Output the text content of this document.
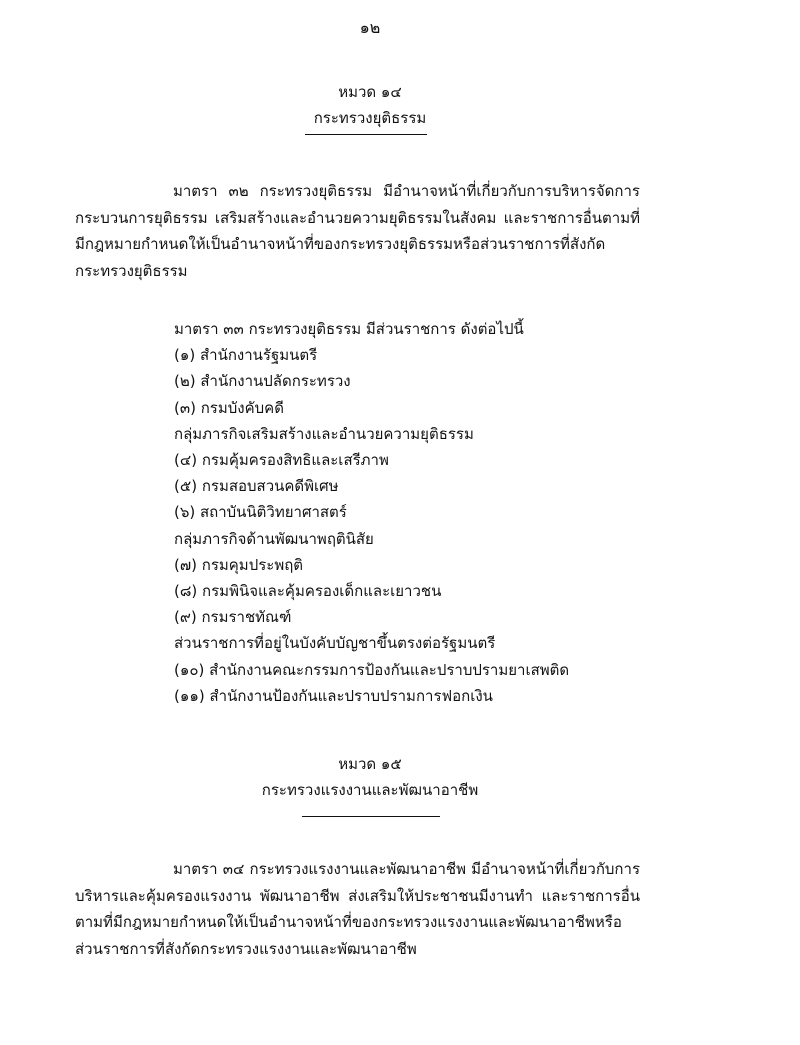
๑๒
หมวด ๑๔
กระทรวงยุติธรรม
มาตรา ๓๒ กระทรวงยุติธรรม มีอำนาจหน้าที่เกี่ยวกับการบริหารจัดการกระบวนการยุติธรรม เสริมสร้างและอำนวยความยุติธรรมในสังคม และราชการอื่นตามที่มีกฎหมายกำหนดให้เป็นอำนาจหน้าที่ของกระทรวงยุติธรรมหรือส่วนราชการที่สังกัดกระทรวงยุติธรรม
มาตรา ๓๓ กระทรวงยุติธรรม มีส่วนราชการ ดังต่อไปนี้
(๑) สำนักงานรัฐมนตรี
(๒) สำนักงานปลัดกระทรวง
(๓) กรมบังคับคดี
กลุ่มภารกิจเสริมสร้างและอำนวยความยุติธรรม
(๔) กรมคุ้มครองสิทธิและเสรีภาพ
(๕) กรมสอบสวนคดีพิเศษ
(๖) สถาบันนิติวิทยาศาสตร์
กลุ่มภารกิจด้านพัฒนาพฤตินิสัย
(๗) กรมคุมประพฤติ
(๘) กรมพินิจและคุ้มครองเด็กและเยาวชน
(๙) กรมราชทัณฑ์
ส่วนราชการที่อยู่ในบังคับบัญชาขึ้นตรงต่อรัฐมนตรี
(๑๐) สำนักงานคณะกรรมการป้องกันและปราบปรามยาเสพติด
(๑๑) สำนักงานป้องกันและปราบปรามการฟอกเงิน
หมวด ๑๕
กระทรวงแรงงานและพัฒนาอาชีพ
มาตรา ๓๔ กระทรวงแรงงานและพัฒนาอาชีพ มีอำนาจหน้าที่เกี่ยวกับการบริหารและคุ้มครองแรงงาน พัฒนาอาชีพ ส่งเสริมให้ประชาชนมีงานทำ และราชการอื่นตามที่มีกฎหมายกำหนดให้เป็นอำนาจหน้าที่ของกระทรวงแรงงานและพัฒนาอาชีพหรือส่วนราชการที่สังกัดกระทรวงแรงงานและพัฒนาอาชีพ
